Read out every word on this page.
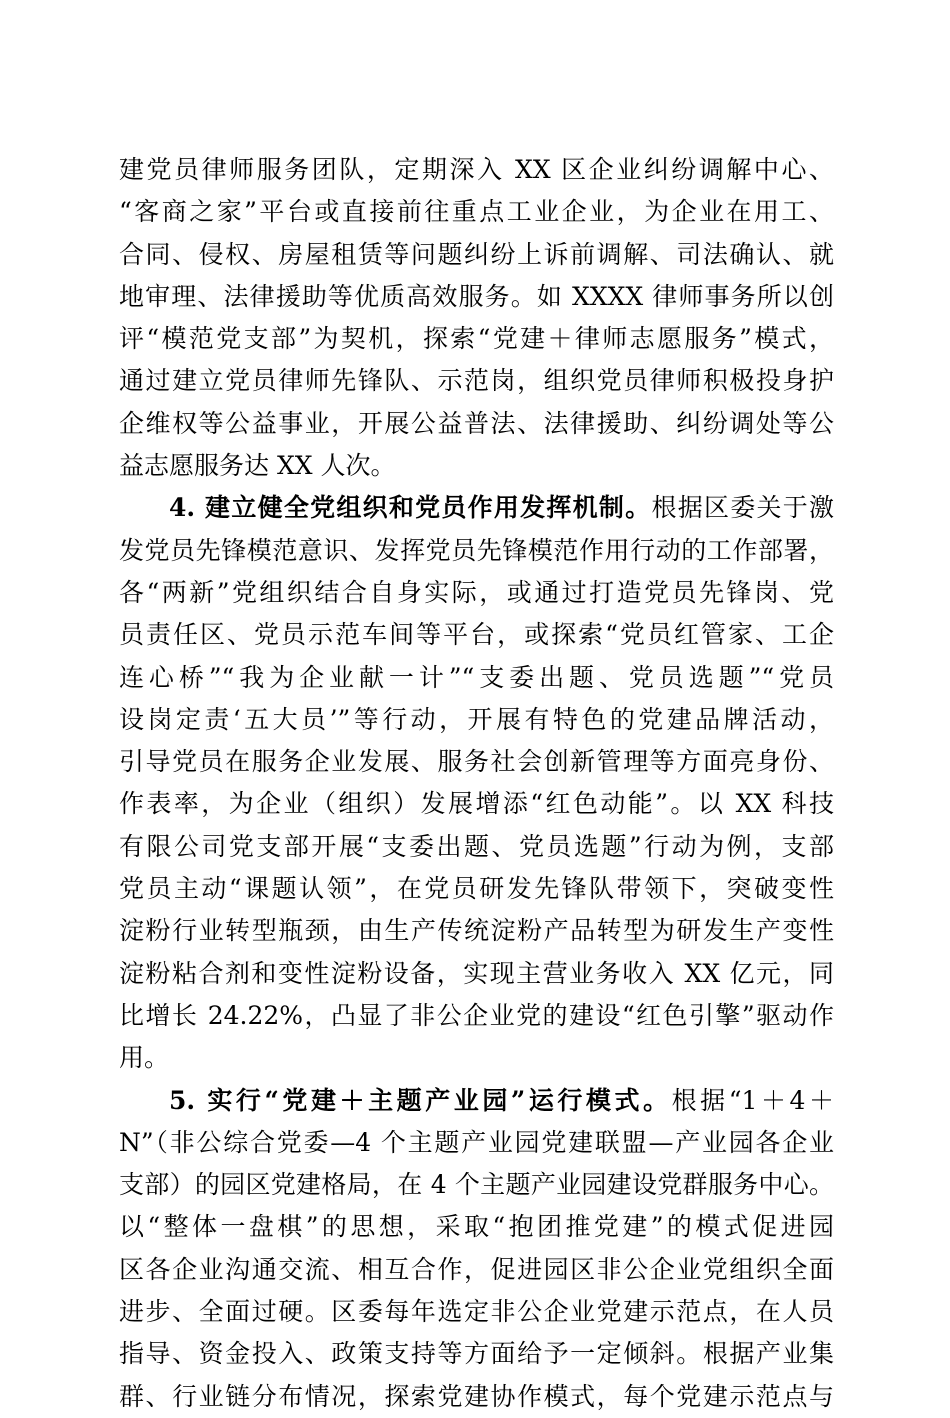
建党员律师服务团队，定期深入 XX 区企业纠纷调解中心、
“客商之家”平台或直接前往重点工业企业，为企业在用工、
合同、侵权、房屋租赁等问题纠纷上诉前调解、司法确认、就
地审理、法律援助等优质高效服务。如 XXXX 律师事务所以创
评“模范党支部”为契机，探索“党建＋律师志愿服务”模式，
通过建立党员律师先锋队、示范岗，组织党员律师积极投身护
企维权等公益事业，开展公益普法、法律援助、纠纷调处等公
益志愿服务达 XX 人次。
4. 建立健全党组织和党员作用发挥机制。根据区委关于激
发党员先锋模范意识、发挥党员先锋模范作用行动的工作部署，
各“两新”党组织结合自身实际，或通过打造党员先锋岗、党
员责任区、党员示范车间等平台，或探索“党员红管家、工企
连心桥”“我为企业献一计”“支委出题、党员选题”“党员
设岗定责‘五大员’”等行动，开展有特色的党建品牌活动，
引导党员在服务企业发展、服务社会创新管理等方面亮身份、
作表率，为企业（组织）发展增添“红色动能”。以 XX 科技
有限公司党支部开展“支委出题、党员选题”行动为例，支部
党员主动“课题认领”，在党员研发先锋队带领下，突破变性
淀粉行业转型瓶颈，由生产传统淀粉产品转型为研发生产变性
淀粉粘合剂和变性淀粉设备，实现主营业务收入 XX 亿元，同
比增长 24.22%，凸显了非公企业党的建设“红色引擎”驱动作
用。
5. 实行“党建＋主题产业园”运行模式。根据“1＋4＋
N”（非公综合党委—4 个主题产业园党建联盟—产业园各企业
支部）的园区党建格局，在 4 个主题产业园建设党群服务中心。
以“整体一盘棋”的思想，采取“抱团推党建”的模式促进园
区各企业沟通交流、相互合作，促进园区非公企业党组织全面
进步、全面过硬。区委每年选定非公企业党建示范点，在人员
指导、资金投入、政策支持等方面给予一定倾斜。根据产业集
群、行业链分布情况，探索党建协作模式，每个党建示范点与
